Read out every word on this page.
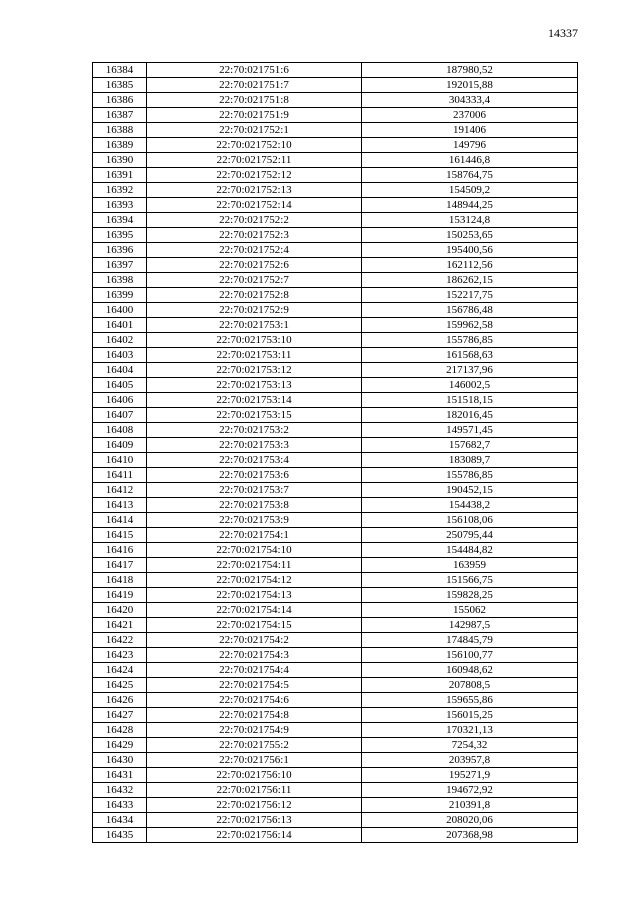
14337
16384	22:70:021751:6	187980,52
16385	22:70:021751:7	192015,88
16386	22:70:021751:8	304333,4
16387	22:70:021751:9	237006
16388	22:70:021752:1	191406
16389	22:70:021752:10	149796
16390	22:70:021752:11	161446,8
16391	22:70:021752:12	158764,75
16392	22:70:021752:13	154509,2
16393	22:70:021752:14	148944,25
16394	22:70:021752:2	153124,8
16395	22:70:021752:3	150253,65
16396	22:70:021752:4	195400,56
16397	22:70:021752:6	162112,56
16398	22:70:021752:7	186262,15
16399	22:70:021752:8	152217,75
16400	22:70:021752:9	156786,48
16401	22:70:021753:1	159962,58
16402	22:70:021753:10	155786,85
16403	22:70:021753:11	161568,63
16404	22:70:021753:12	217137,96
16405	22:70:021753:13	146002,5
16406	22:70:021753:14	151518,15
16407	22:70:021753:15	182016,45
16408	22:70:021753:2	149571,45
16409	22:70:021753:3	157682,7
16410	22:70:021753:4	183089,7
16411	22:70:021753:6	155786,85
16412	22:70:021753:7	190452,15
16413	22:70:021753:8	154438,2
16414	22:70:021753:9	156108,06
16415	22:70:021754:1	250795,44
16416	22:70:021754:10	154484,82
16417	22:70:021754:11	163959
16418	22:70:021754:12	151566,75
16419	22:70:021754:13	159828,25
16420	22:70:021754:14	155062
16421	22:70:021754:15	142987,5
16422	22:70:021754:2	174845,79
16423	22:70:021754:3	156100,77
16424	22:70:021754:4	160948,62
16425	22:70:021754:5	207808,5
16426	22:70:021754:6	159655,86
16427	22:70:021754:8	156015,25
16428	22:70:021754:9	170321,13
16429	22:70:021755:2	7254,32
16430	22:70:021756:1	203957,8
16431	22:70:021756:10	195271,9
16432	22:70:021756:11	194672,92
16433	22:70:021756:12	210391,8
16434	22:70:021756:13	208020,06
16435	22:70:021756:14	207368,98
